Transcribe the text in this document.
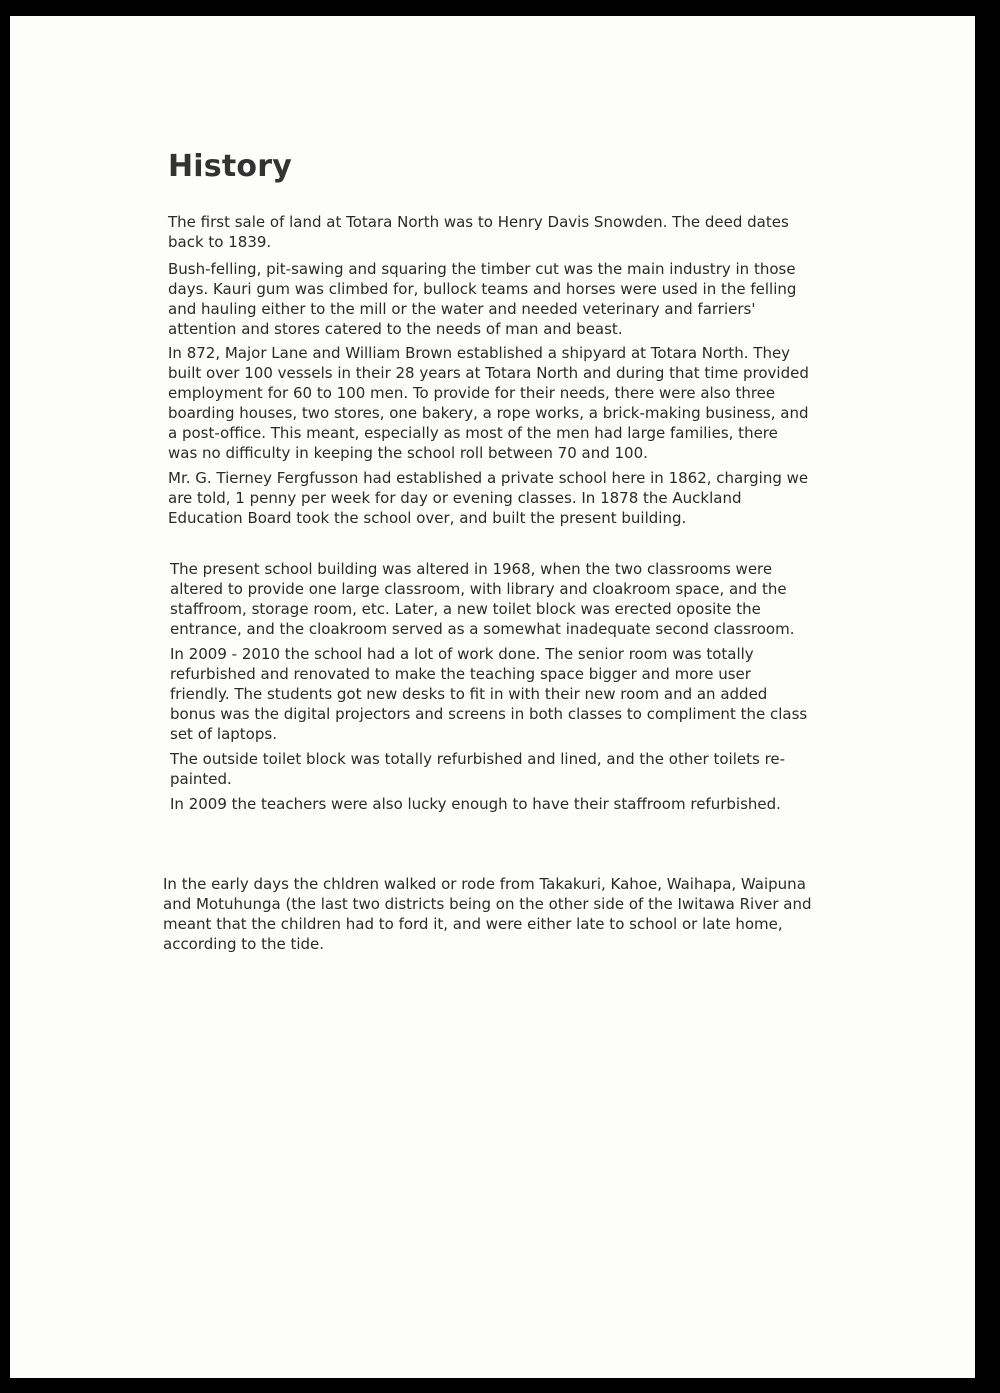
History

The first sale of land at Totara North was to Henry Davis Snowden. The deed dates
back to 1839.

Bush-felling, pit-sawing and squaring the timber cut was the main industry in those
days. Kauri gum was climbed for, bullock teams and horses were used in the felling
and hauling either to the mill or the water and needed veterinary and farriers'
attention and stores catered to the needs of man and beast.

In 872, Major Lane and William Brown established a shipyard at Totara North. They
built over 100 vessels in their 28 years at Totara North and during that time provided
employment for 60 to 100 men. To provide for their needs, there were also three
boarding houses, two stores, one bakery, a rope works, a brick-making business, and
a post-office. This meant, especially as most of the men had large families, there
was no difficulty in keeping the school roll between 70 and 100.

Mr. G. Tierney Fergfusson had established a private school here in 1862, charging we
are told, 1 penny per week for day or evening classes. In 1878 the Auckland
Education Board took the school over, and built the present building.

The present school building was altered in 1968, when the two classrooms were
altered to provide one large classroom, with library and cloakroom space, and the
staffroom, storage room, etc. Later, a new toilet block was erected oposite the
entrance, and the cloakroom served as a somewhat inadequate second classroom.

In 2009 - 2010 the school had a lot of work done. The senior room was totally
refurbished and renovated to make the teaching space bigger and more user
friendly. The students got new desks to fit in with their new room and an added
bonus was the digital projectors and screens in both classes to compliment the class
set of laptops.

The outside toilet block was totally refurbished and lined, and the other toilets re-
painted.

In 2009 the teachers were also lucky enough to have their staffroom refurbished.

In the early days the chldren walked or rode from Takakuri, Kahoe, Waihapa, Waipuna
and Motuhunga (the last two districts being on the other side of the Iwitawa River and
meant that the children had to ford it, and were either late to school or late home,
according to the tide.
